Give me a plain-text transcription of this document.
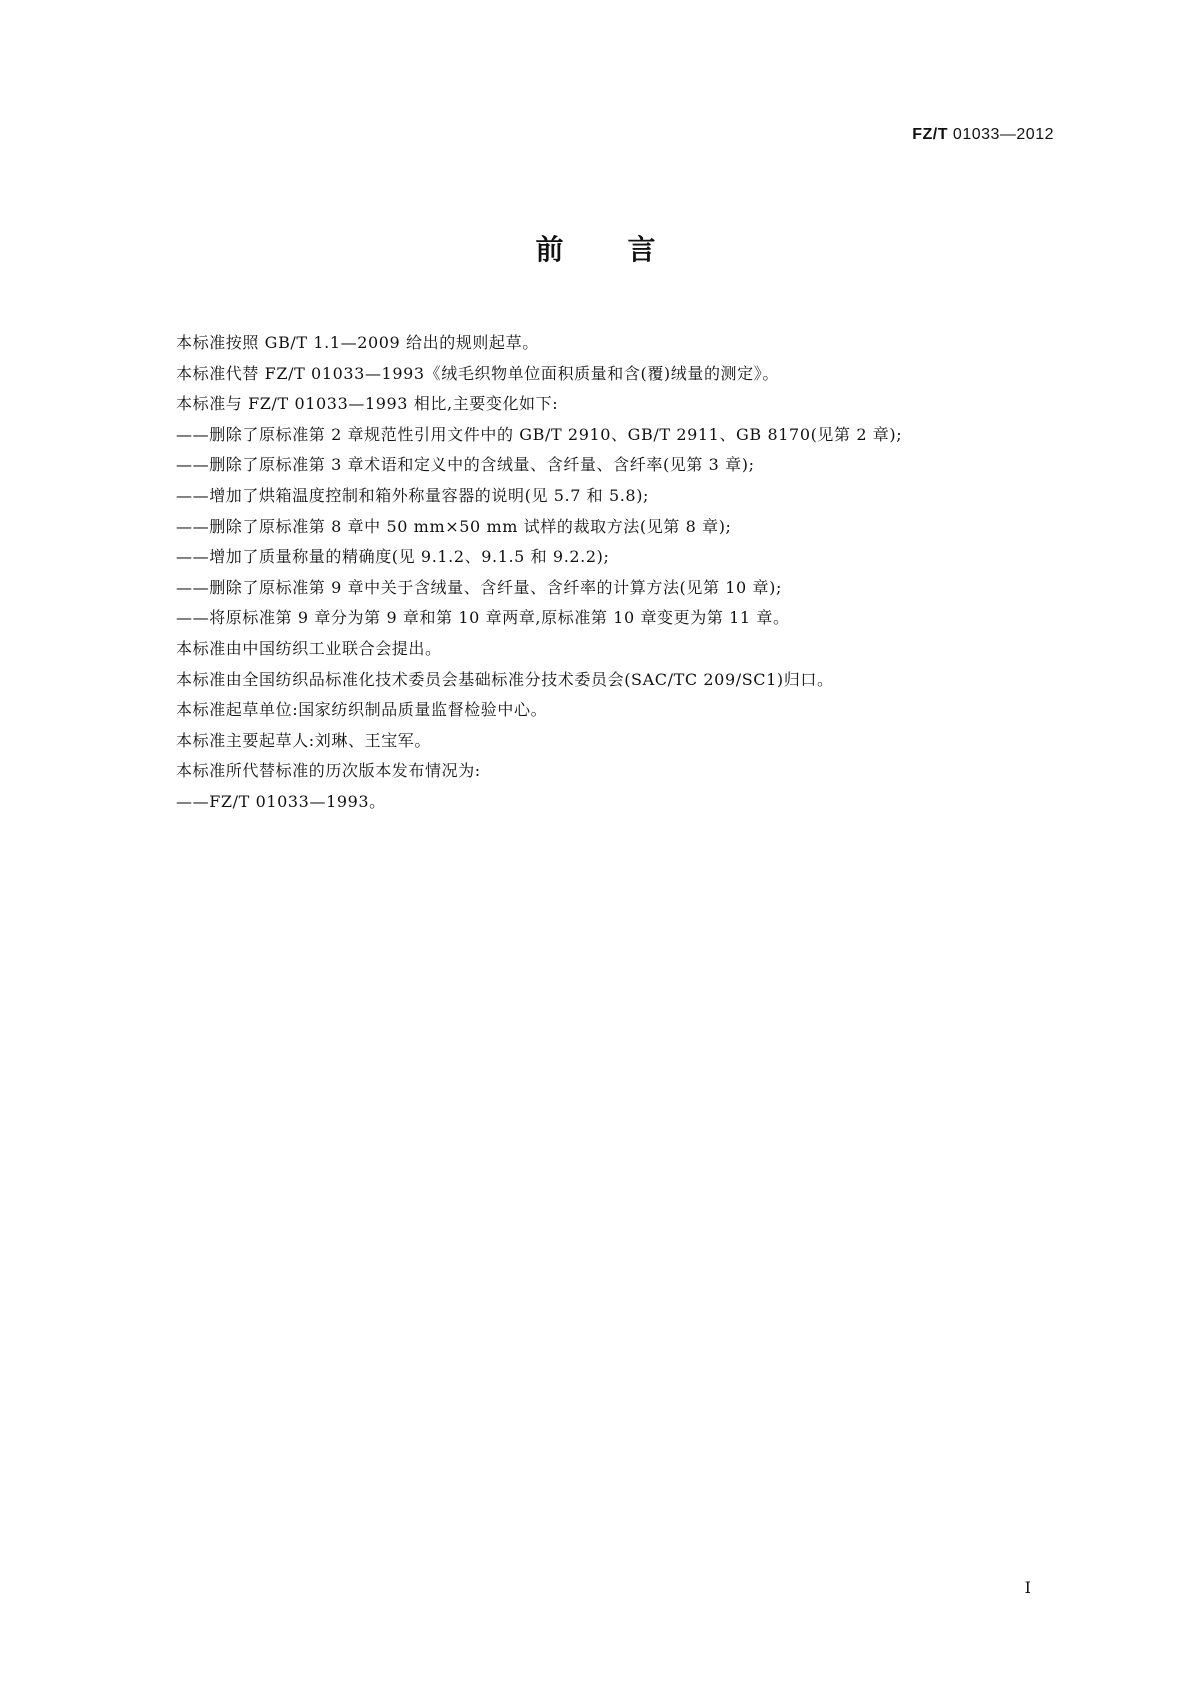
FZ/T 01033—2012
前言
本标准按照 GB/T 1.1—2009 给出的规则起草。
本标准代替 FZ/T 01033—1993《绒毛织物单位面积质量和含(覆)绒量的测定》。
本标准与 FZ/T 01033—1993 相比,主要变化如下:
——删除了原标准第 2 章规范性引用文件中的 GB/T 2910、GB/T 2911、GB 8170(见第 2 章);
——删除了原标准第 3 章术语和定义中的含绒量、含纤量、含纤率(见第 3 章);
——增加了烘箱温度控制和箱外称量容器的说明(见 5.7 和 5.8);
——删除了原标准第 8 章中 50 mm×50 mm 试样的裁取方法(见第 8 章);
——增加了质量称量的精确度(见 9.1.2、9.1.5 和 9.2.2);
——删除了原标准第 9 章中关于含绒量、含纤量、含纤率的计算方法(见第 10 章);
——将原标准第 9 章分为第 9 章和第 10 章两章,原标准第 10 章变更为第 11 章。
本标准由中国纺织工业联合会提出。
本标准由全国纺织品标准化技术委员会基础标准分技术委员会(SAC/TC 209/SC1)归口。
本标准起草单位:国家纺织制品质量监督检验中心。
本标准主要起草人:刘琳、王宝军。
本标准所代替标准的历次版本发布情况为:
——FZ/T 01033—1993。
I
